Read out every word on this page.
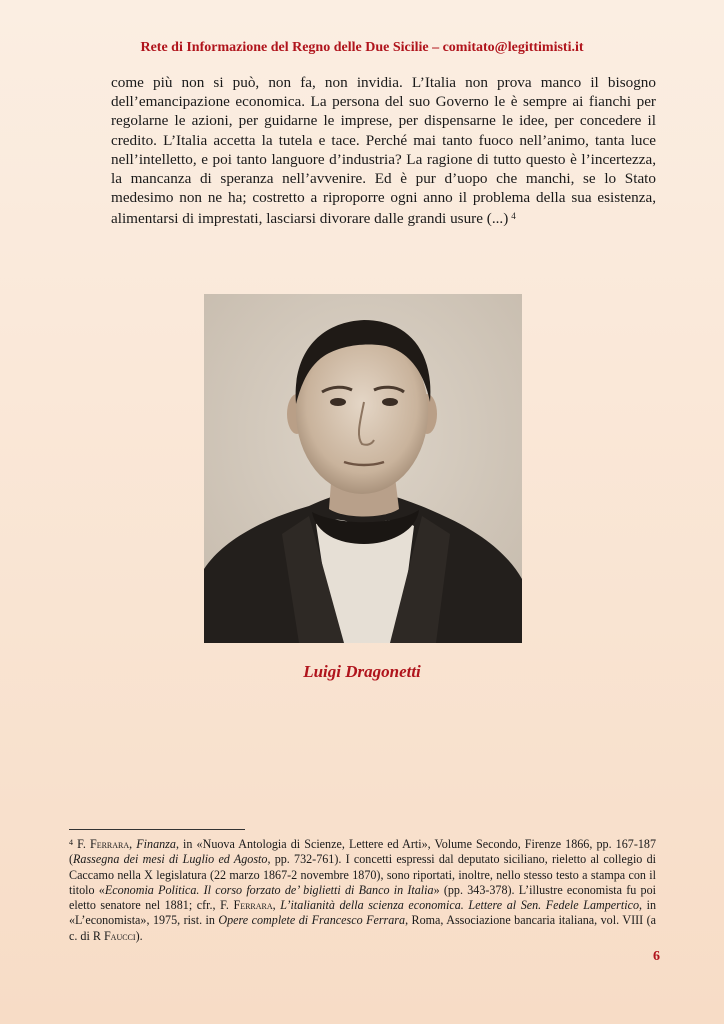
Rete di Informazione del Regno delle Due Sicilie – comitato@legittimisti.it
come più non si può, non fa, non invidia. L’Italia non prova manco il bisogno dell’emancipazione economica. La persona del suo Governo le è sempre ai fianchi per regolarne le azioni, per guidarne le imprese, per dispensarne le idee, per concedere il credito. L’Italia accetta la tutela e tace. Perché mai tanto fuoco nell’animo, tanta luce nell’intelletto, e poi tanto languore d’industria? La ragione di tutto questo è l’incertezza, la mancanza di speranza nell’avvenire. Ed è pur d’uopo che manchi, se lo Stato medesimo non ne ha; costretto a riproporre ogni anno il problema della sua esistenza, alimentarsi di imprestati, lasciarsi divorare dalle grandi usure (...) $^4$
Luigi Dragonetti
$^4$ F. Ferrara, Finanza, in «Nuova Antologia di Scienze, Lettere ed Arti», Volume Secondo, Firenze 1866, pp. 167-187 (Rassegna dei mesi di Luglio ed Agosto, pp. 732-761). I concetti espressi dal deputato siciliano, rieletto al collegio di Caccamo nella X legislatura (22 marzo 1867-2 novembre 1870), sono riportati, inoltre, nello stesso testo a stampa con il titolo «Economia Politica. Il corso forzato de’ biglietti di Banco in Italia» (pp. 343-378). L’illustre economista fu poi eletto senatore nel 1881; cfr., F. Ferrara, L’italianità della scienza economica. Lettere al Sen. Fedele Lampertico, in «L’economista», 1975, rist. in Opere complete di Francesco Ferrara, Roma, Associazione bancaria italiana, vol. VIII (a c. di R Faucci).
6
